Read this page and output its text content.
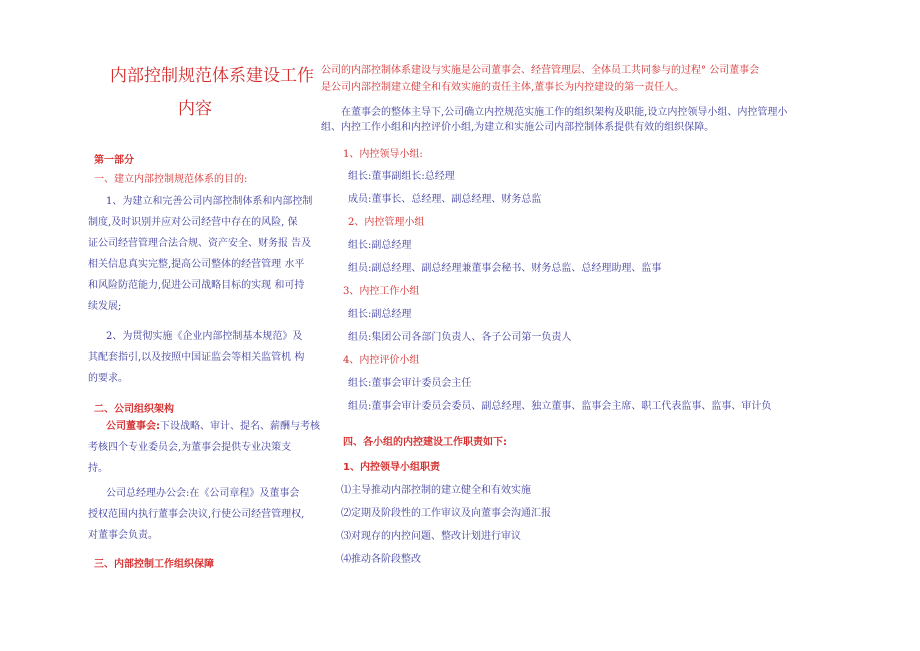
内部控制规范体系建设工作
内容
第一部分
一、建立内部控制规范体系的目的:
1、为建立和完善公司内部控制体系和内部控制
制度,及时识别并应对公司经营中存在的风险, 保
证公司经营管理合法合规、资产安全、财务报 告及
相关信息真实完整,提高公司整体的经营管理 水平
和风险防范能力,促进公司战略目标的实现 和可持
续发展;
2、为贯彻实施《企业内部控制基本规范》及
其配套指引,以及按照中国证监会等相关监管机 构
的要求。
二、公司组织架构
公司董事会:下设战略、审计、提名、薪酬与考核
考核四个专业委员会,为董事会提供专业决策支
持。
公司总经理办公会:在《公司章程》及董事会
授权范围内执行董事会决议,行使公司经营管理权,
对董事会负责。
三、内部控制工作组织保障
公司的内部控制体系建设与实施是公司董事会、经营管理层、全体员工共同参与的过程° 公司董事会
是公司内部控制建立健全和有效实施的责任主体,董事长为内控建设的第一责任人。
在董事会的整体主导下,公司确立内控规范实施工作的组织架构及职能,设立内控领导小组、内控管理小
组、内控工作小组和内控评价小组,为建立和实施公司内部控制体系提供有效的组织保障。
1、内控领导小组:
组长:董事副组长:总经理
成员:董事长、总经理、副总经理、财务总监
2、内控管理小组
组长:副总经理
组员:副总经理、副总经理兼董事会秘书、财务总监、总经理助理、监事
3、内控工作小组
组长:副总经理
组员:集团公司各部门负责人、各子公司第一负责人
4、内控评价小组
组长:董事会审计委员会主任
组员:董事会审计委员会委员、副总经理、独立董事、监事会主席、职工代表监事、监事、审计负
四、各小组的内控建设工作职责如下:
1、内控领导小组职责
⑴主导推动内部控制的建立健全和有效实施
⑵定期及阶段性的工作审议及向董事会沟通汇报
⑶对现存的内控问题、整改计划进行审议
⑷推动各阶段整改
